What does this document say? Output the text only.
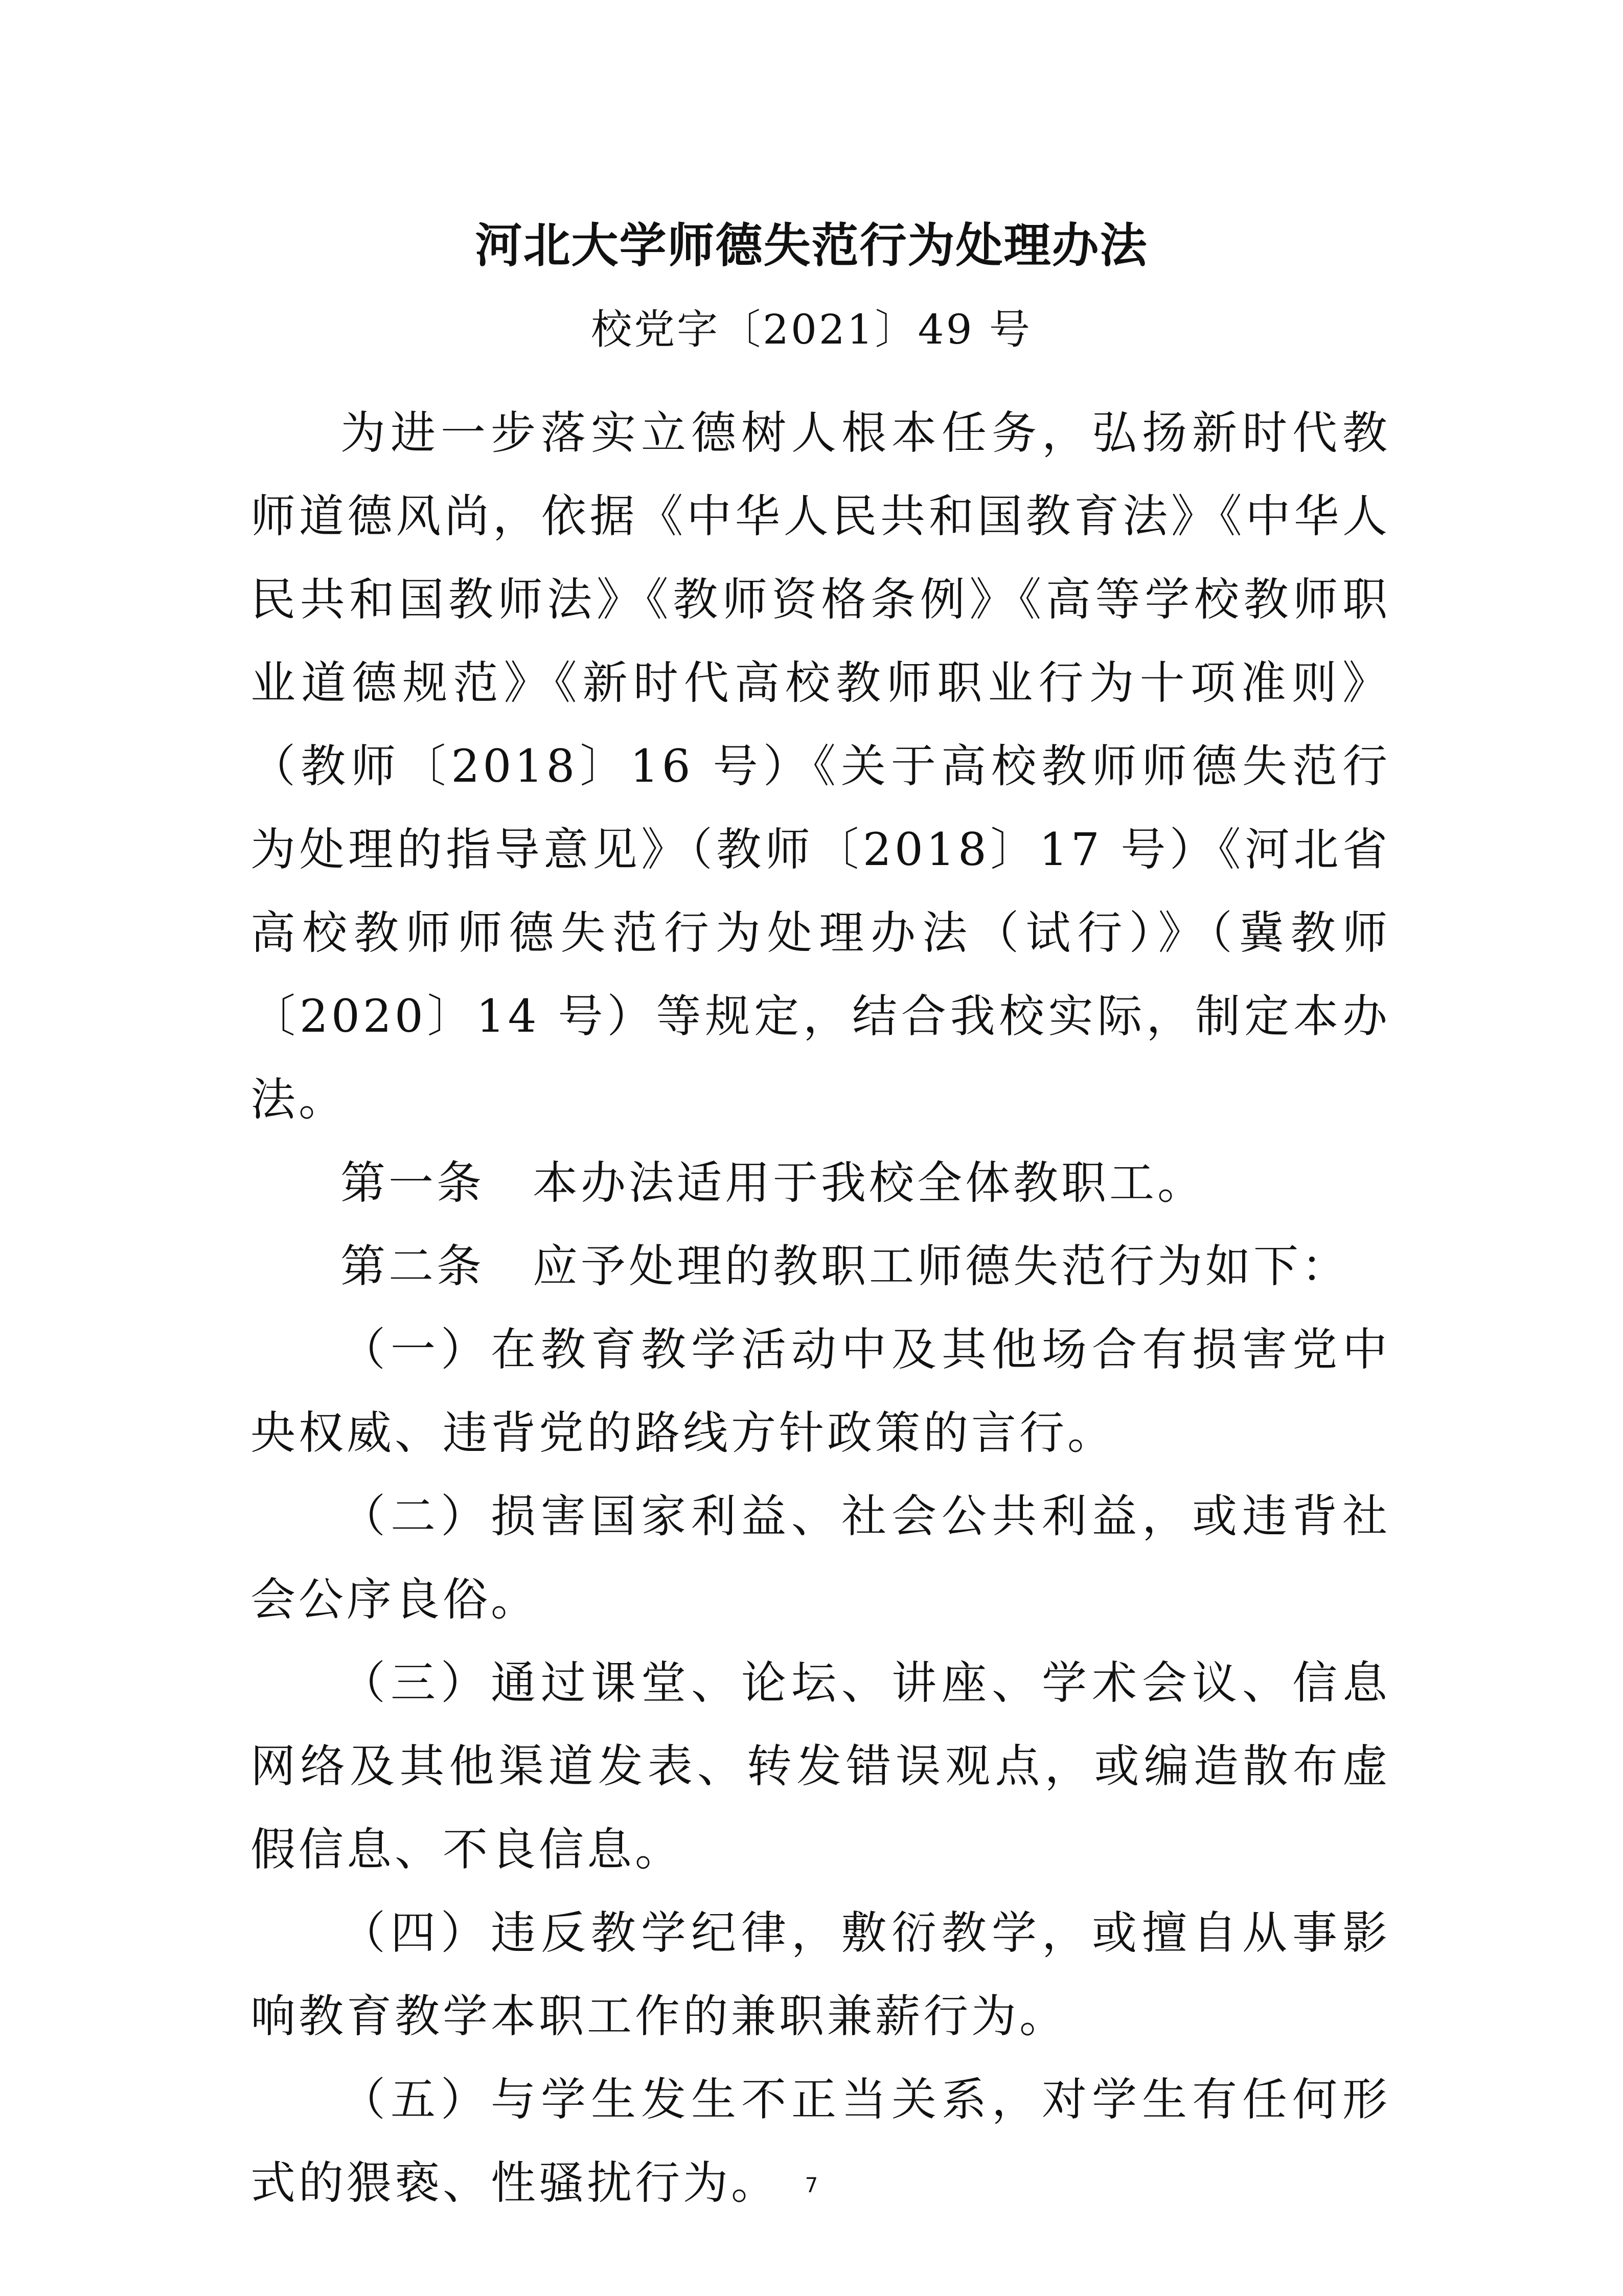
河北大学师德失范行为处理办法

校党字〔2021〕49 号

为进一步落实立德树人根本任务，弘扬新时代教师道德风尚，依据《中华人民共和国教育法》《中华人民共和国教师法》《教师资格条例》《高等学校教师职业道德规范》《新时代高校教师职业行为十项准则》（教师〔2018〕16 号）《关于高校教师师德失范行为处理的指导意见》（教师〔2018〕17 号）《河北省高校教师师德失范行为处理办法（试行）》（冀教师〔2020〕14 号）等规定，结合我校实际，制定本办法。

第一条　本办法适用于我校全体教职工。

第二条　应予处理的教职工师德失范行为如下：

（一）在教育教学活动中及其他场合有损害党中央权威、违背党的路线方针政策的言行。

（二）损害国家利益、社会公共利益，或违背社会公序良俗。

（三）通过课堂、论坛、讲座、学术会议、信息网络及其他渠道发表、转发错误观点，或编造散布虚假信息、不良信息。

（四）违反教学纪律，敷衍教学，或擅自从事影响教育教学本职工作的兼职兼薪行为。

（五）与学生发生不正当关系，对学生有任何形式的猥亵、性骚扰行为。	7
